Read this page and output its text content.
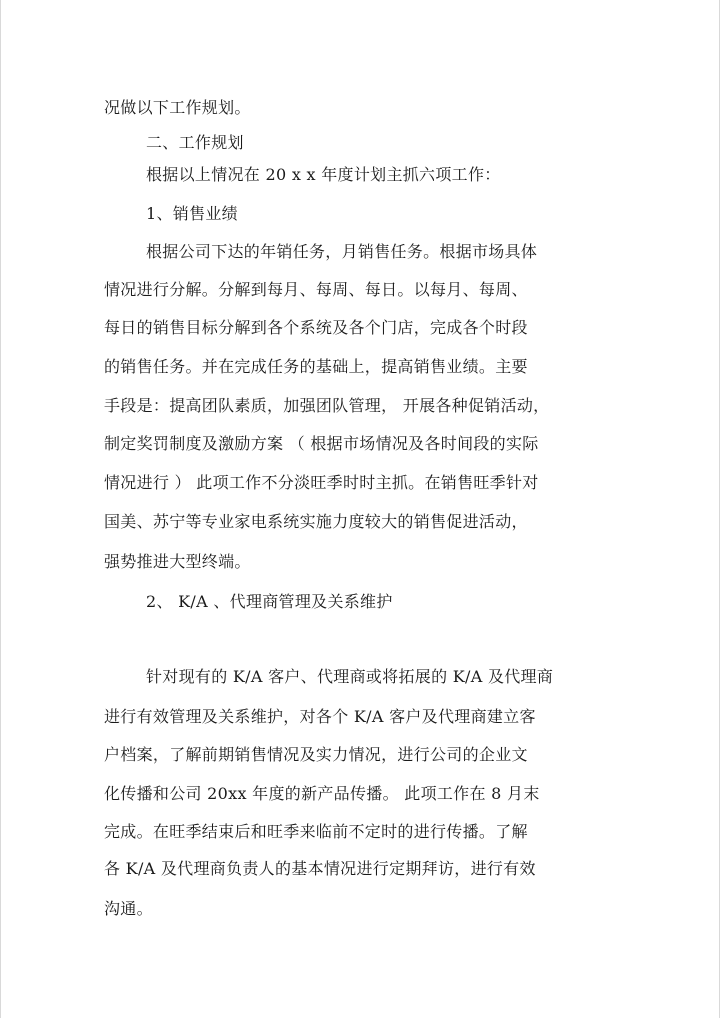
况做以下工作规划。
二、工作规划
根据以上情况在 20 x x 年度计划主抓六项工作：
1、销售业绩
根据公司下达的年销任务，月销售任务。根据市场具体
情况进行分解。分解到每月、每周、每日。以每月、每周、
每日的销售目标分解到各个系统及各个门店，完成各个时段
的销售任务。并在完成任务的基础上，提高销售业绩。主要
手段是：提高团队素质，加强团队管理， 开展各种促销活动，
制定奖罚制度及激励方案 （ 根据市场情况及各时间段的实际
情况进行 ） 此项工作不分淡旺季时时主抓。在销售旺季针对
国美、苏宁等专业家电系统实施力度较大的销售促进活动，
强势推进大型终端。
2、 K/A 、代理商管理及关系维护
针对现有的 K/A 客户、代理商或将拓展的 K/A 及代理商
进行有效管理及关系维护，对各个 K/A 客户及代理商建立客
户档案，了解前期销售情况及实力情况，进行公司的企业文
化传播和公司 20xx 年度的新产品传播。 此项工作在 8 月末
完成。在旺季结束后和旺季来临前不定时的进行传播。了解
各 K/A 及代理商负责人的基本情况进行定期拜访，进行有效
沟通。
